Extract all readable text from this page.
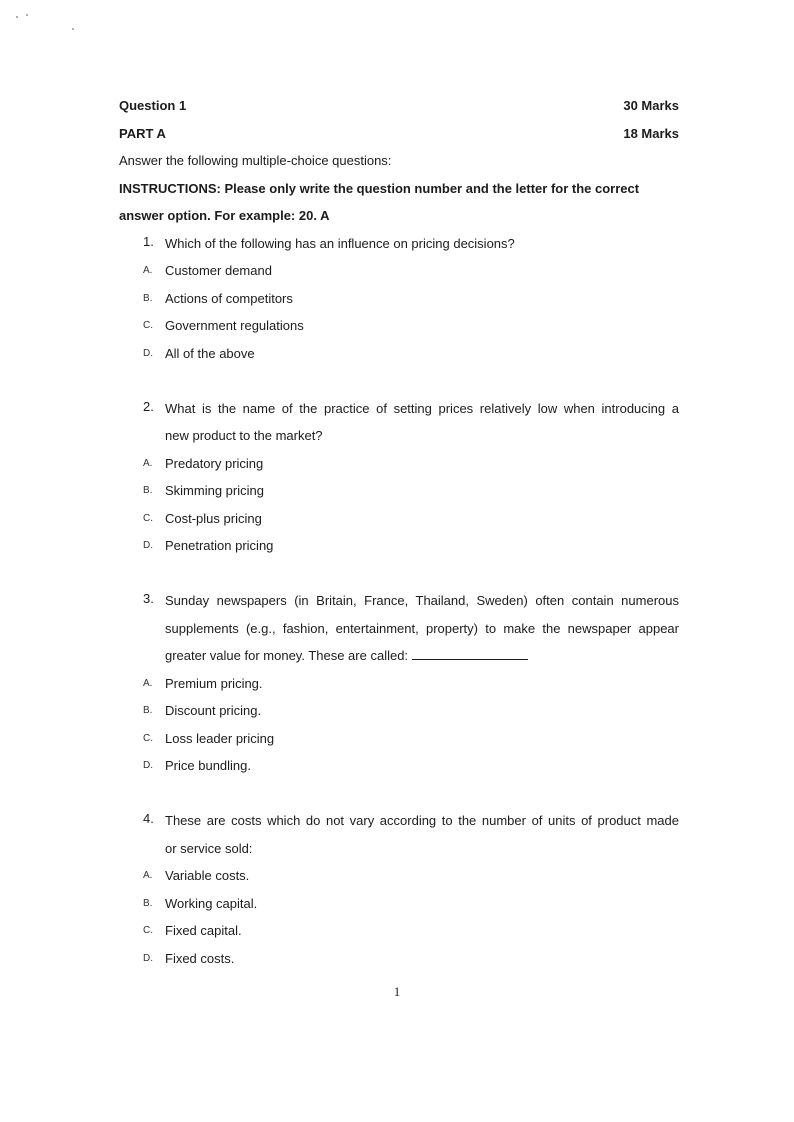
Question 1	30 Marks
PART A	18 Marks
Answer the following multiple-choice questions:
INSTRUCTIONS: Please only write the question number and the letter for the correct
answer option. For example: 20. A
1. Which of the following has an influence on pricing decisions?
A. Customer demand
B. Actions of competitors
C. Government regulations
D. All of the above
2. What is the name of the practice of setting prices relatively low when introducing a
new product to the market?
A. Predatory pricing
B. Skimming pricing
C. Cost-plus pricing
D. Penetration pricing
3. Sunday newspapers (in Britain, France, Thailand, Sweden) often contain numerous
supplements (e.g., fashion, entertainment, property) to make the newspaper appear
greater value for money. These are called:
A. Premium pricing.
B. Discount pricing.
C. Loss leader pricing
D. Price bundling.
4. These are costs which do not vary according to the number of units of product made
or service sold:
A. Variable costs.
B. Working capital.
C. Fixed capital.
D. Fixed costs.
1
